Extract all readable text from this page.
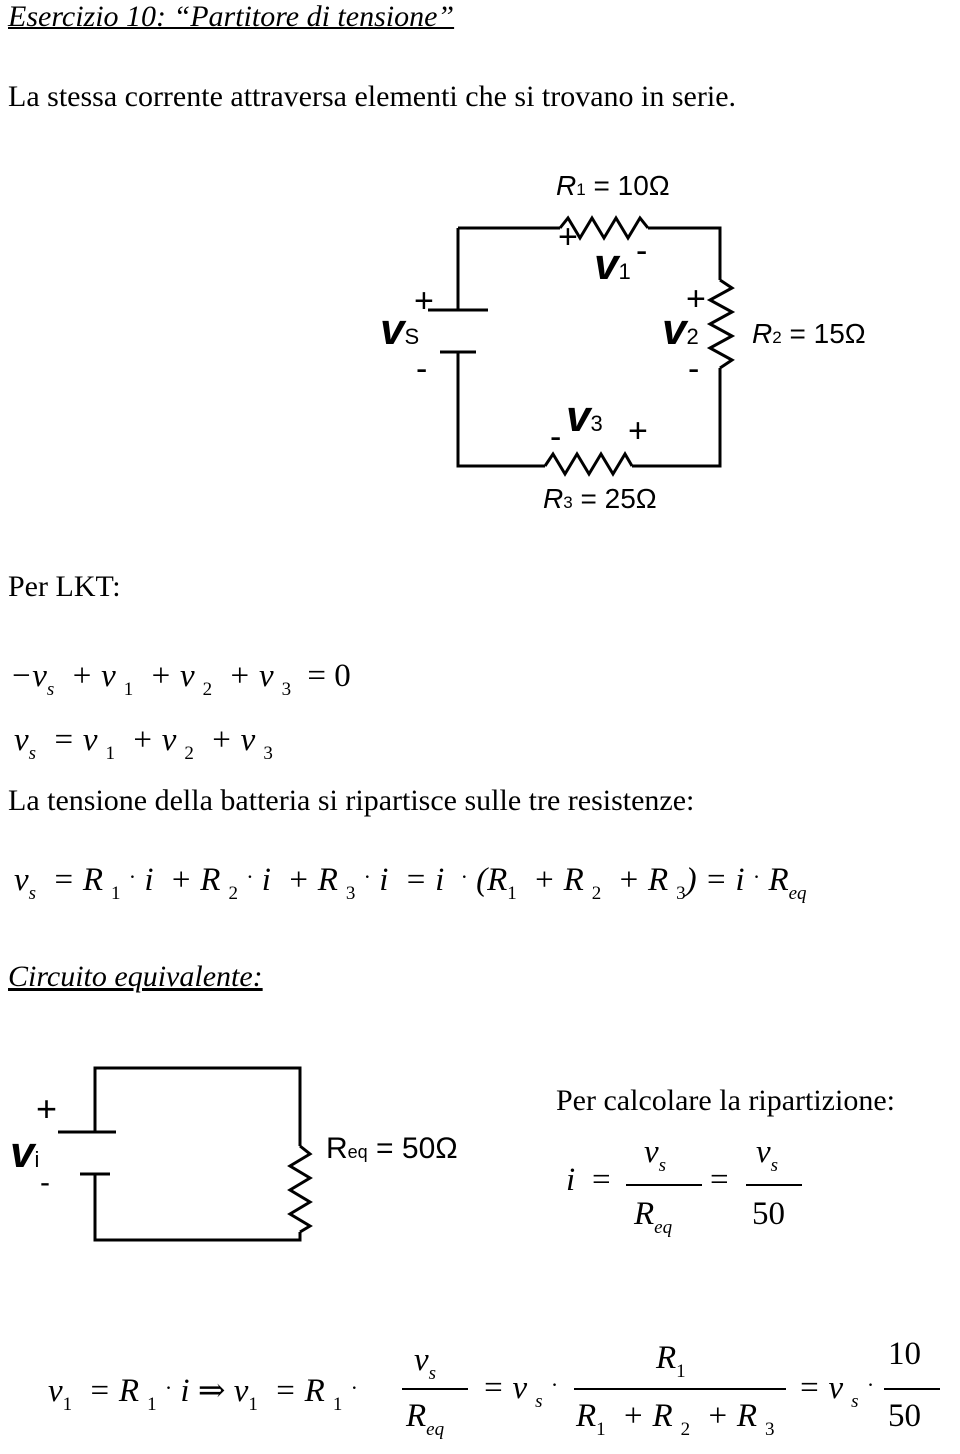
Esercizio 10: “Partitore di tensione”
La stessa corrente attraversa elementi che si trovano in serie.
R1 = 10Ω
R2 = 15Ω
R3 = 25Ω
+ -
v1
+
v2
-
+
vS
-
- v3 +
Per LKT:
$-v_s + v$ $_1$ + v $_2$ + v $_3$ = 0
$v_s = v$ $_1$ + v $_2$ + v $_3$
La tensione della batteria si ripartisce sulle tre resistenze:
$v_s = R$ $_1$ · i + R $_2$ · i + R $_3 \cdot i = i \cdot (R_1 + R$ $_2$ + R $_3) = i \cdot R_{eq}$
Circuito equivalente:
+
vi
-
Req = 50Ω
Per calcolare la ripartizione:
i =
$v_s$
$R_{eq}$
=
$v_s$
50
$v_1 = R$ $_1$ · i ⇒ $v_1 = R$ $_1$ ·
$v_s$
$R_{eq}$
= v $_s$ ·
$R_1$
$R_1 + R$ $_2$ + R $_3$
= v $_s$ ·
10
50
